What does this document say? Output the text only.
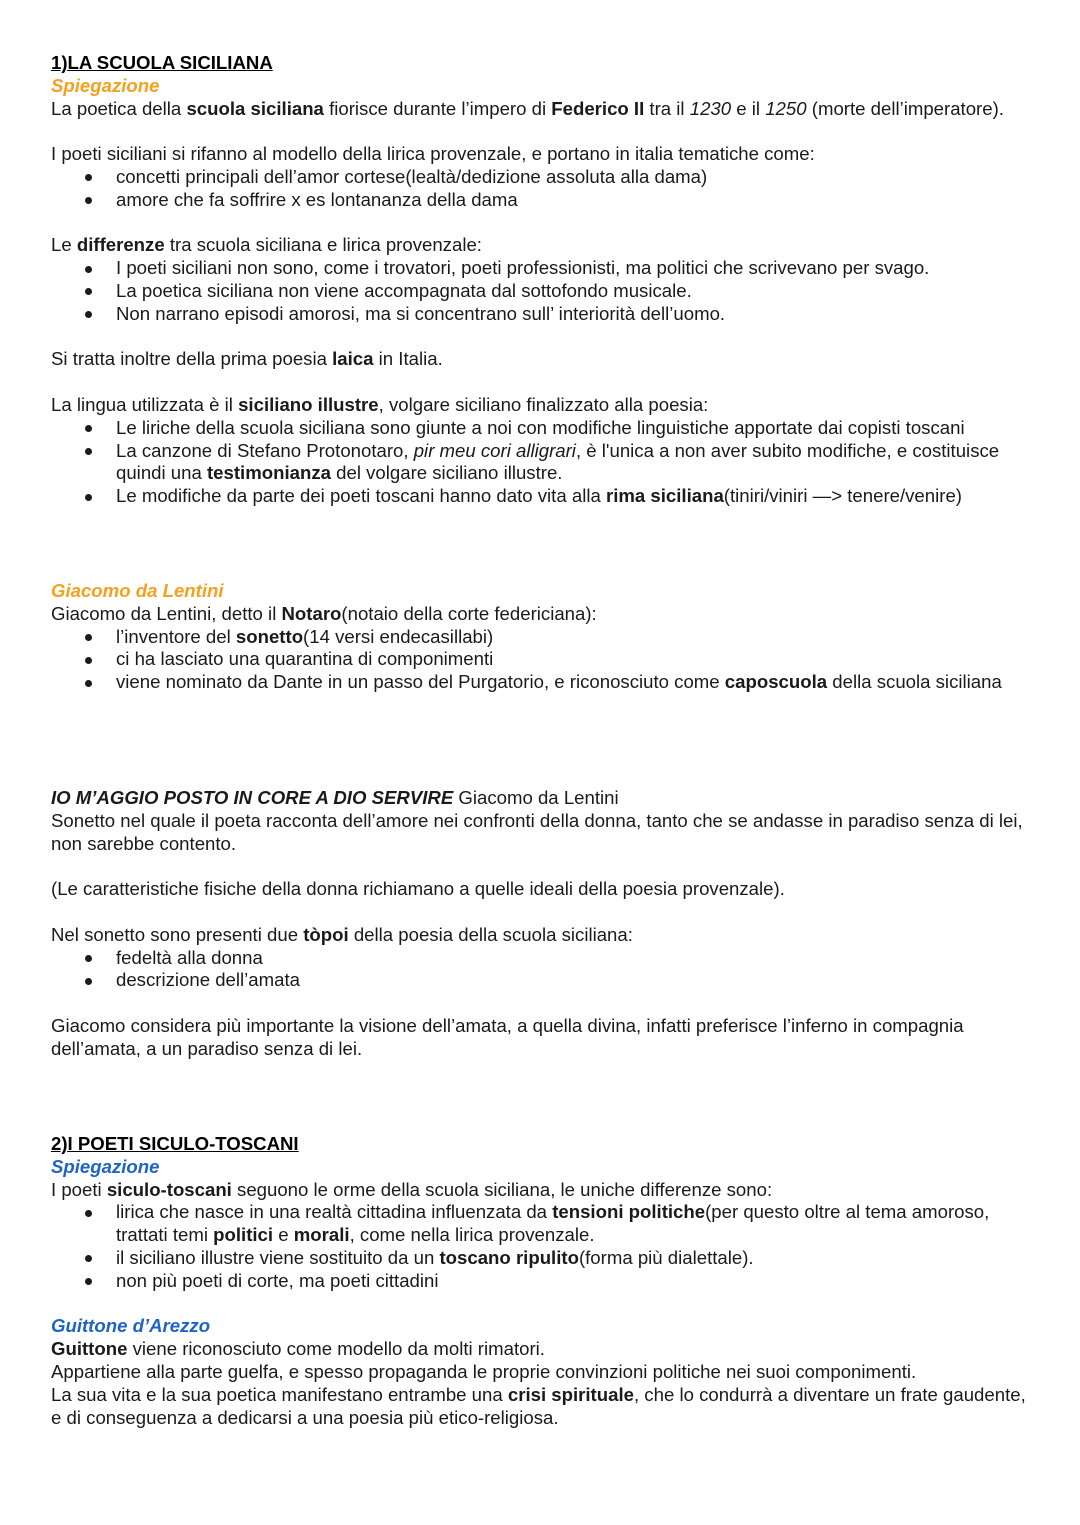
1)LA SCUOLA SICILIANA

Spiegazione

La poetica della scuola siciliana fiorisce durante l’impero di Federico II tra il 1230 e il 1250 (morte dell’imperatore).

I poeti siciliani si rifanno al modello della lirica provenzale, e portano in italia tematiche come:

concetti principali dell’amor cortese(lealtà/dedizione assoluta alla dama)
amore che fa soffrire x es lontananza della dama

Le differenze tra scuola siciliana e lirica provenzale:

I poeti siciliani non sono, come i trovatori, poeti professionisti, ma politici che scrivevano per svago.
La poetica siciliana non viene accompagnata dal sottofondo musicale.
Non narrano episodi amorosi, ma si concentrano sull’ interiorità dell’uomo.

Si tratta inoltre della prima poesia laica in Italia.

La lingua utilizzata è il siciliano illustre, volgare siciliano finalizzato alla poesia:

Le liriche della scuola siciliana sono giunte a noi con modifiche linguistiche apportate dai copisti toscani
La canzone di Stefano Protonotaro, pir meu cori alligrari, è l'unica a non aver subito modifiche, e costituisce quindi una testimonianza del volgare siciliano illustre.
Le modifiche da parte dei poeti toscani hanno dato vita alla rima siciliana(tiniri/viniri —> tenere/venire)

Giacomo da Lentini

Giacomo da Lentini, detto il Notaro(notaio della corte federiciana):

l’inventore del sonetto(14 versi endecasillabi)
ci ha lasciato una quarantina di componimenti
viene nominato da Dante in un passo del Purgatorio, e riconosciuto come caposcuola della scuola siciliana

IO M’AGGIO POSTO IN CORE A DIO SERVIRE Giacomo da Lentini

Sonetto nel quale il poeta racconta dell’amore nei confronti della donna, tanto che se andasse in paradiso senza di lei, non sarebbe contento.

(Le caratteristiche fisiche della donna richiamano a quelle ideali della poesia provenzale).

Nel sonetto sono presenti due tòpoi della poesia della scuola siciliana:

fedeltà alla donna
descrizione dell’amata

Giacomo considera più importante la visione dell’amata, a quella divina, infatti preferisce l’inferno in compagnia dell’amata, a un paradiso senza di lei.

2)I POETI SICULO-TOSCANI

Spiegazione

I poeti siculo-toscani seguono le orme della scuola siciliana, le uniche differenze sono:

lirica che nasce in una realtà cittadina influenzata da tensioni politiche(per questo oltre al tema amoroso, trattati temi politici e morali, come nella lirica provenzale.
il siciliano illustre viene sostituito da un toscano ripulito(forma più dialettale).
non più poeti di corte, ma poeti cittadini

Guittone d’Arezzo

Guittone viene riconosciuto come modello da molti rimatori.

Appartiene alla parte guelfa, e spesso propaganda le proprie convinzioni politiche nei suoi componimenti.

La sua vita e la sua poetica manifestano entrambe una crisi spirituale, che lo condurrà a diventare un frate gaudente, e di conseguenza a dedicarsi a una poesia più etico-religiosa.
